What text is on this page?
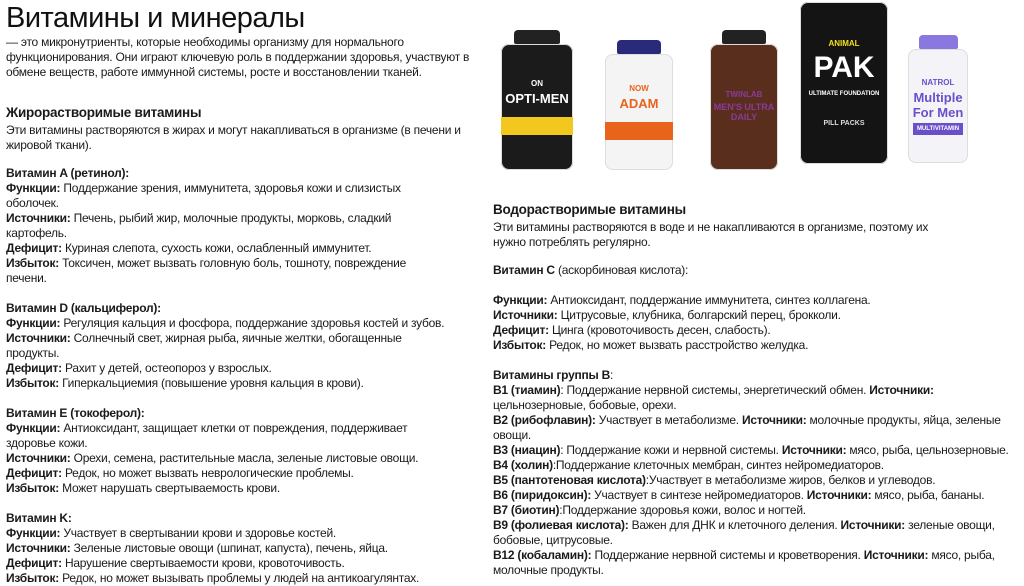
Витамины и минералы

— это микронутриенты, которые необходимы организму для нормального функционирования. Они играют ключевую роль в поддержании здоровья, участвуют в обмене веществ, работе иммунной системы, росте и восстановлении тканей.

Жирорастворимые витамины

Эти витамины растворяются в жирах и могут накапливаться в организме (в печени и жировой ткани).

Витамин A (ретинол):

Функции: Поддержание зрения, иммунитета, здоровья кожи и слизистых оболочек.

Источники: Печень, рыбий жир, молочные продукты, морковь, сладкий картофель.

Дефицит: Куриная слепота, сухость кожи, ослабленный иммунитет.

Избыток: Токсичен, может вызвать головную боль, тошноту, повреждение печени.

Витамин D (кальциферол):

Функции: Регуляция кальция и фосфора, поддержание здоровья костей и зубов.

Источники: Солнечный свет, жирная рыба, яичные желтки, обогащенные продукты.

Дефицит: Рахит у детей, остеопороз у взрослых.

Избыток: Гиперкальциемия (повышение уровня кальция в крови).

Витамин E (токоферол):

Функции: Антиоксидант, защищает клетки от повреждения, поддерживает здоровье кожи.

Источники: Орехи, семена, растительные масла, зеленые листовые овощи.

Дефицит: Редок, но может вызвать неврологические проблемы.

Избыток: Может нарушать свертываемость крови.

Витамин K:

Функции: Участвует в свертывании крови и здоровье костей.

Источники: Зеленые листовые овощи (шпинат, капуста), печень, яйца.

Дефицит: Нарушение свертываемости крови, кровоточивость.

Избыток: Редок, но может вызывать проблемы у людей на антикоагулянтах.

Водорастворимые витамины

Эти витамины растворяются в воде и не накапливаются в организме, поэтому их нужно потреблять регулярно.

Витамин C (аскорбиновая кислота):

Функции: Антиоксидант, поддержание иммунитета, синтез коллагена.

Источники: Цитрусовые, клубника, болгарский перец, брокколи.

Дефицит: Цинга (кровоточивость десен, слабость).

Избыток: Редок, но может вызвать расстройство желудка.

Витамины группы В:

B1 (тиамин): Поддержание нервной системы, энергетический обмен. Источники: цельнозерновые, бобовые, орехи.

B2 (рибофлавин): Участвует в метаболизме. Источники: молочные продукты, яйца, зеленые овощи.

B3 (ниацин): Поддержание кожи и нервной системы. Источники: мясо, рыба, цельнозерновые.

B4 (холин):Поддержание клеточных мембран, синтез нейромедиаторов.

B5 (пантотеновая кислота):Участвует в метаболизме жиров, белков и углеводов.

B6 (пиридоксин): Участвует в синтезе нейромедиаторов. Источники: мясо, рыба, бананы.

B7 (биотин):Поддержание здоровья кожи, волос и ногтей.

B9 (фолиевая кислота): Важен для ДНК и клеточного деления. Источники: зеленые овощи, бобовые, цитрусовые.

B12 (кобаламин): Поддержание нервной системы и кроветворения. Источники: мясо, рыба, молочные продукты.

ON
OPTI-MEN
NOW
ADAM
TWINLAB
MEN'S ULTRA DAILY
ANIMAL
PAK
ULTIMATE FOUNDATION
PILL PACKS
NATROL
Multiple For Men
MULTIVITAMIN
